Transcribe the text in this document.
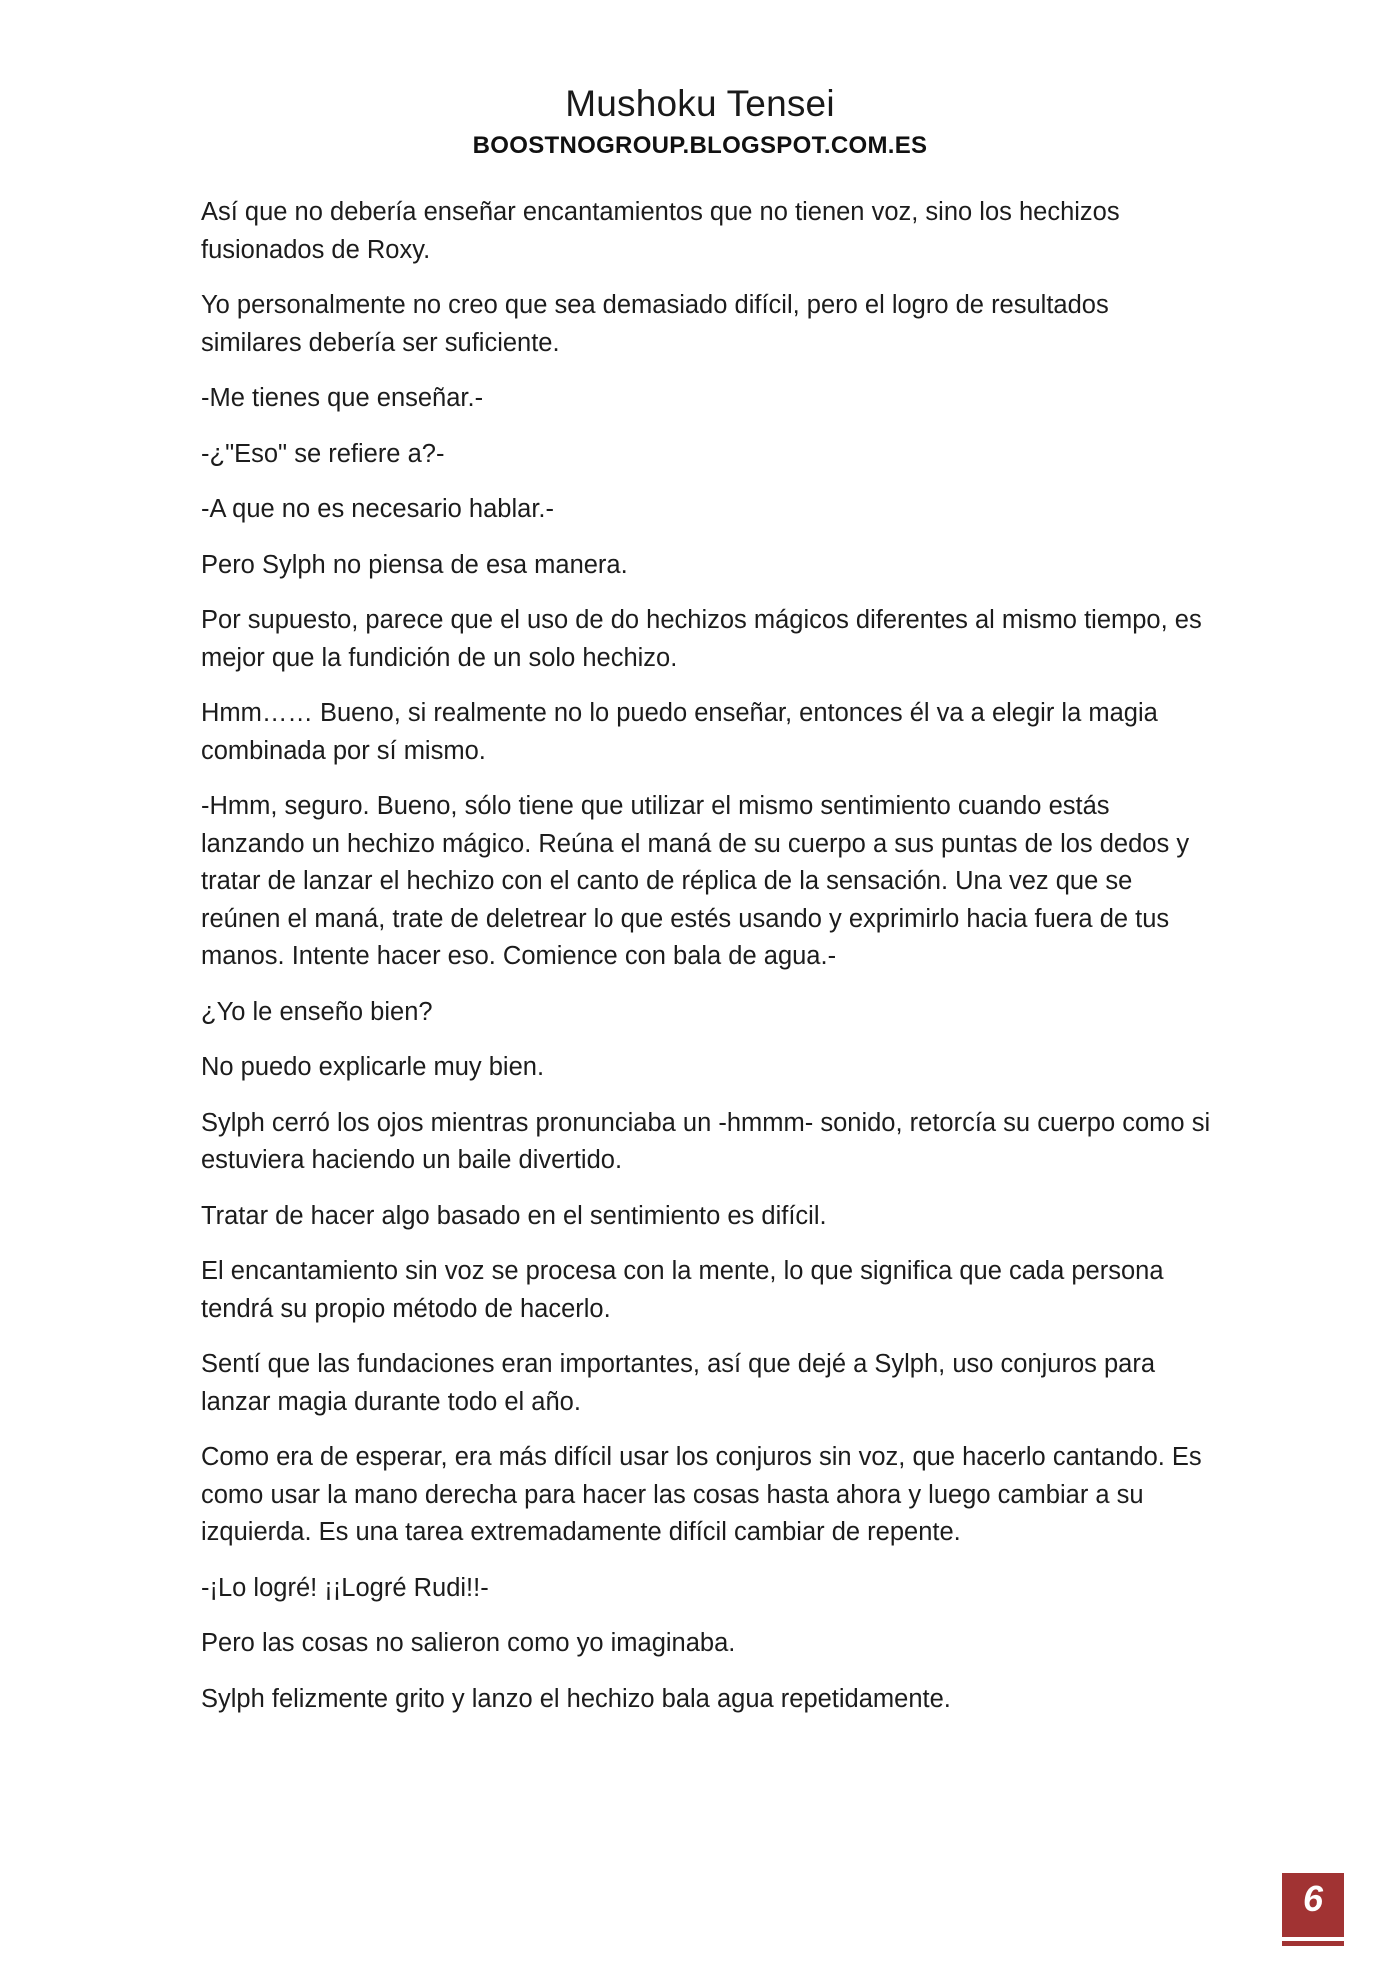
Mushoku Tensei
BOOSTNOGROUP.BLOGSPOT.COM.ES

Así que no debería enseñar encantamientos que no tienen voz, sino los hechizos fusionados de Roxy.

Yo personalmente no creo que sea demasiado difícil, pero el logro de resultados similares debería ser suficiente.

-Me tienes que enseñar.-

-¿"Eso" se refiere a?-

-A que no es necesario hablar.-

Pero Sylph no piensa de esa manera.

Por supuesto, parece que el uso de do hechizos mágicos diferentes al mismo tiempo, es mejor que la fundición de un solo hechizo.

Hmm…… Bueno, si realmente no lo puedo enseñar, entonces él va a elegir la magia combinada por sí mismo.

-Hmm, seguro. Bueno, sólo tiene que utilizar el mismo sentimiento cuando estás lanzando un hechizo mágico. Reúna el maná de su cuerpo a sus puntas de los dedos y tratar de lanzar el hechizo con el canto de réplica de la sensación. Una vez que se reúnen el maná, trate de deletrear lo que estés usando y exprimirlo hacia fuera de tus manos. Intente hacer eso. Comience con bala de agua.-

¿Yo le enseño bien?

No puedo explicarle muy bien.

Sylph cerró los ojos mientras pronunciaba un -hmmm- sonido, retorcía su cuerpo como si estuviera haciendo un baile divertido.

Tratar de hacer algo basado en el sentimiento es difícil.

El encantamiento sin voz se procesa con la mente, lo que significa que cada persona tendrá su propio método de hacerlo.

Sentí que las fundaciones eran importantes, así que dejé a Sylph, uso conjuros para lanzar magia durante todo el año.

Como era de esperar, era más difícil usar los conjuros sin voz, que hacerlo cantando. Es como usar la mano derecha para hacer las cosas hasta ahora y luego cambiar a su izquierda. Es una tarea extremadamente difícil cambiar de repente.

-¡Lo logré! ¡¡Logré Rudi!!-

Pero las cosas no salieron como yo imaginaba.

Sylph felizmente grito y lanzo el hechizo bala agua repetidamente.

6
